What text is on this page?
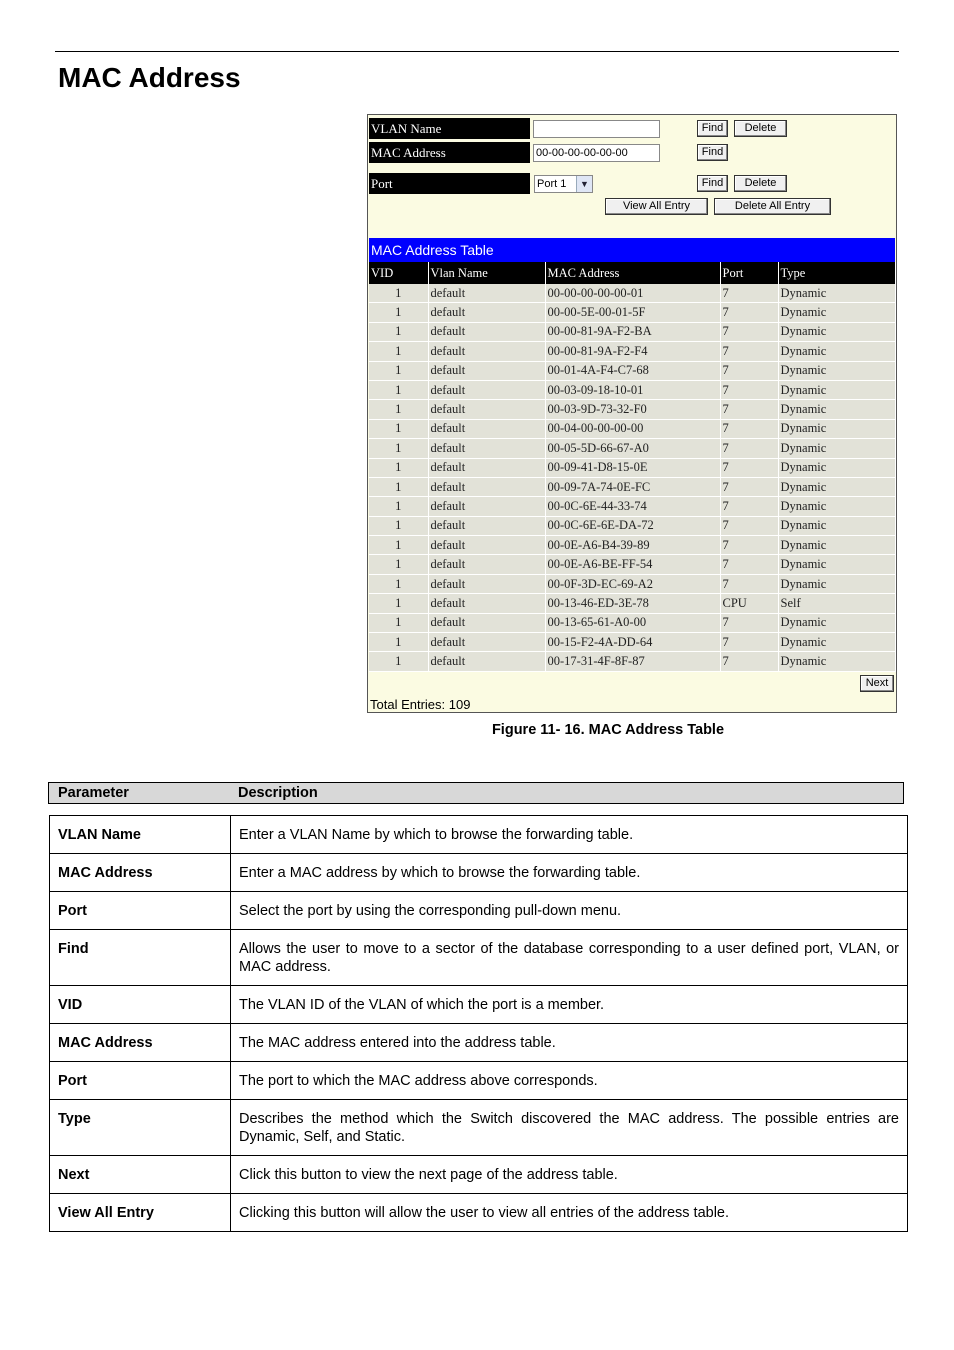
MAC Address
VLAN Name	Find	Delete
MAC Address	00-00-00-00-00-00	Find
Port	Port 1	▼	Find	Delete
View All Entry	Delete All Entry
MAC Address Table
VID	Vlan Name	MAC Address	Port	Type
1	default	00-00-00-00-00-01	7	Dynamic
1	default	00-00-5E-00-01-5F	7	Dynamic
1	default	00-00-81-9A-F2-BA	7	Dynamic
1	default	00-00-81-9A-F2-F4	7	Dynamic
1	default	00-01-4A-F4-C7-68	7	Dynamic
1	default	00-03-09-18-10-01	7	Dynamic
1	default	00-03-9D-73-32-F0	7	Dynamic
1	default	00-04-00-00-00-00	7	Dynamic
1	default	00-05-5D-66-67-A0	7	Dynamic
1	default	00-09-41-D8-15-0E	7	Dynamic
1	default	00-09-7A-74-0E-FC	7	Dynamic
1	default	00-0C-6E-44-33-74	7	Dynamic
1	default	00-0C-6E-6E-DA-72	7	Dynamic
1	default	00-0E-A6-B4-39-89	7	Dynamic
1	default	00-0E-A6-BE-FF-54	7	Dynamic
1	default	00-0F-3D-EC-69-A2	7	Dynamic
1	default	00-13-46-ED-3E-78	CPU	Self
1	default	00-13-65-61-A0-00	7	Dynamic
1	default	00-15-F2-4A-DD-64	7	Dynamic
1	default	00-17-31-4F-8F-87	7	Dynamic
Next
Total Entries: 109
Figure 11- 16. MAC Address Table
Parameter	Description
VLAN Name	Enter a VLAN Name by which to browse the forwarding table.

MAC Address	Enter a MAC address by which to browse the forwarding table.

Port	Select the port by using the corresponding pull-down menu.

Find	Allows the user to move to a sector of the database corresponding to a user defined port, VLAN, or MAC address.

VID	The VLAN ID of the VLAN of which the port is a member.

MAC Address	The MAC address entered into the address table.

Port	The port to which the MAC address above corresponds.

Type	Describes the method which the Switch discovered the MAC address. The possible entries are Dynamic, Self, and Static.

Next	Click this button to view the next page of the address table.

View All Entry	Clicking this button will allow the user to view all entries of the address table.
